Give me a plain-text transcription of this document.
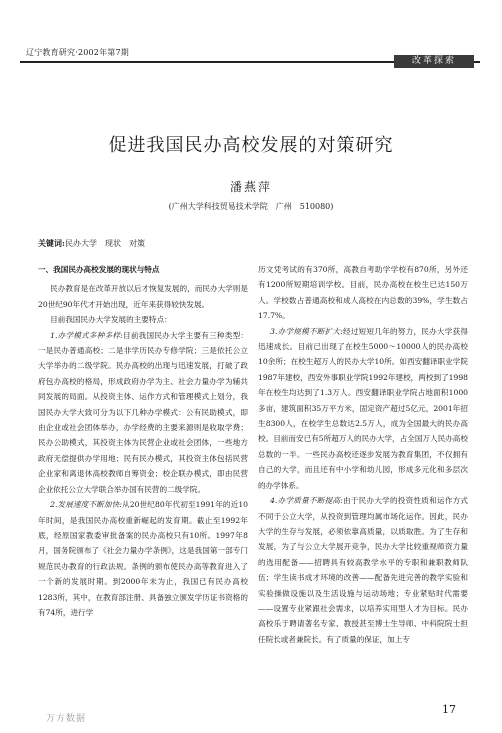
辽宁教育研究·2002年第7期
改革探索
促进我国民办高校发展的对策研究
潘燕萍
(广州大学科技贸易技术学院　广州　510080)
关键词:民办大学　现状　对策

一、我国民办高校发展的现状与特点

民办教育是在改革开放以后才恢复发展的，而民办大学则是20世纪90年代才开始出现，近年来获得较快发展。

目前我国民办大学发展的主要特点：

1.办学模式多种多样:目前我国民办大学主要有三种类型：一是民办普通高校；二是非学历民办专修学院；三是依托公立大学举办的二级学院。民办高校的出现与迅速发展，打破了政府包办高校的格局，形成政府办学为主、社会力量办学为辅共同发展的局面。从投资主体、运作方式和管理模式上划分，我国民办大学大致可分为以下几种办学模式：公有民助模式，即由企业或社会团体举办，办学经费的主要来源则是收取学费；民办公助模式，其投资主体为民营企业或社会团体，一些地方政府无偿提供办学用地；民有民办模式，其投资主体包括民营企业家和离退休高校教师自筹资金；校企联办模式，即由民营企业依托公立大学联合举办国有民营的二级学院。

2.发展速度不断加快:从20世纪80年代初至1991年的近10年时间，是我国民办高校重新崛起的发育期。截止至1992年底，经原国家教委审批备案的民办高校只有10所。1997年8月，国务院颁布了《社会力量办学条例》，这是我国第一部专门规范民办教育的行政法规。条例的颁布使民办高等教育进入了一个新的发展时期。到2000年末为止，我国已有民办高校1283所，其中，在教育部注册、具备独立颁发学历证书资格的有74所，进行学

历文凭考试的有370所，高教自考助学学校有870所，另外还有1200所短期培训学校。目前，民办高校在校生已达150万人。学校数占普通高校和成人高校在内总数的39%，学生数占17.7%。

3.办学规模不断扩大:经过短短几年的努力，民办大学获得迅速成长。目前已出现了在校生5000～10000人的民办高校10余所；在校生超万人的民办大学10所。如西安翻译职业学院1987年建校，西安外事职业学院1992年建校，两校到了1998年在校生均达到了1.3万人。西安翻译职业学院占地面积1000多亩，建筑面积35万平方米，固定资产超过5亿元，2001年招生8300人，在校学生总数达2.5万人，成为全国最大的民办高校。目前而安已有5所超万人的民办大学，占全国万人民办高校总数的一半。一些民办高校还逐步发展为教育集团，不仅拥有自己的大学，而且还有中小学和幼儿园，形成多元化和多层次的办学体系。

4.办学质量不断提高:由于民办大学的投资性质和运作方式不同于公立大学，从投资到管理均属市场化运作。因此，民办大学的生存与发展，必须依靠高质量，以质取胜。为了生存和发展，为了与公立大学展开竞争，民办大学比较重视师资力量的选用配备——招聘具有较高教学水平的专职和兼职教师队伍；学生读书成才环境的改善——配备先进完善的教学实验和实验操做设施以及生活设施与运动场地；专业紧贴时代需要——设置专业紧跟社会需求，以培养实用型人才为目标。民办高校乐于聘请著名专家、教授甚至博士生导师、中科院院士担任院长或者兼院长。有了质量的保证，加上专

万方数据
17
